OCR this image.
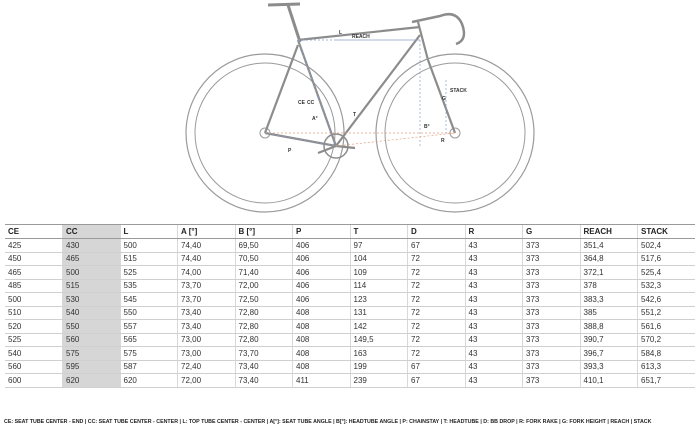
CE CC
A°
L
REACH
STACK
G
B°
R
P
T
CE	CC	L	A [°]	B [°]	P	T	D	R	G	REACH	STACK
425	430	500	74,40	69,50	406	97	67	43	373	351,4	502,4
450	465	515	74,40	70,50	406	104	72	43	373	364,8	517,6
465	500	525	74,00	71,40	406	109	72	43	373	372,1	525,4
485	515	535	73,70	72,00	406	114	72	43	373	378	532,3
500	530	545	73,70	72,50	406	123	72	43	373	383,3	542,6
510	540	550	73,40	72,80	408	131	72	43	373	385	551,2
520	550	557	73,40	72,80	408	142	72	43	373	388,8	561,6
525	560	565	73,00	72,80	408	149,5	72	43	373	390,7	570,2
540	575	575	73,00	73,70	408	163	72	43	373	396,7	584,8
560	595	587	72,40	73,40	408	199	67	43	373	393,3	613,3
600	620	620	72,00	73,40	411	239	67	43	373	410,1	651,7
CE: SEAT TUBE CENTER - END | CC: SEAT TUBE CENTER - CENTER | L: TOP TUBE CENTER - CENTER | A[°]: SEAT TUBE ANGLE | B[°]: HEADTUBE ANGLE | P: CHAINSTAY | T: HEADTUBE | D: BB DROP | R: FORK RAKE | G: FORK HEIGHT | REACH | STACK
